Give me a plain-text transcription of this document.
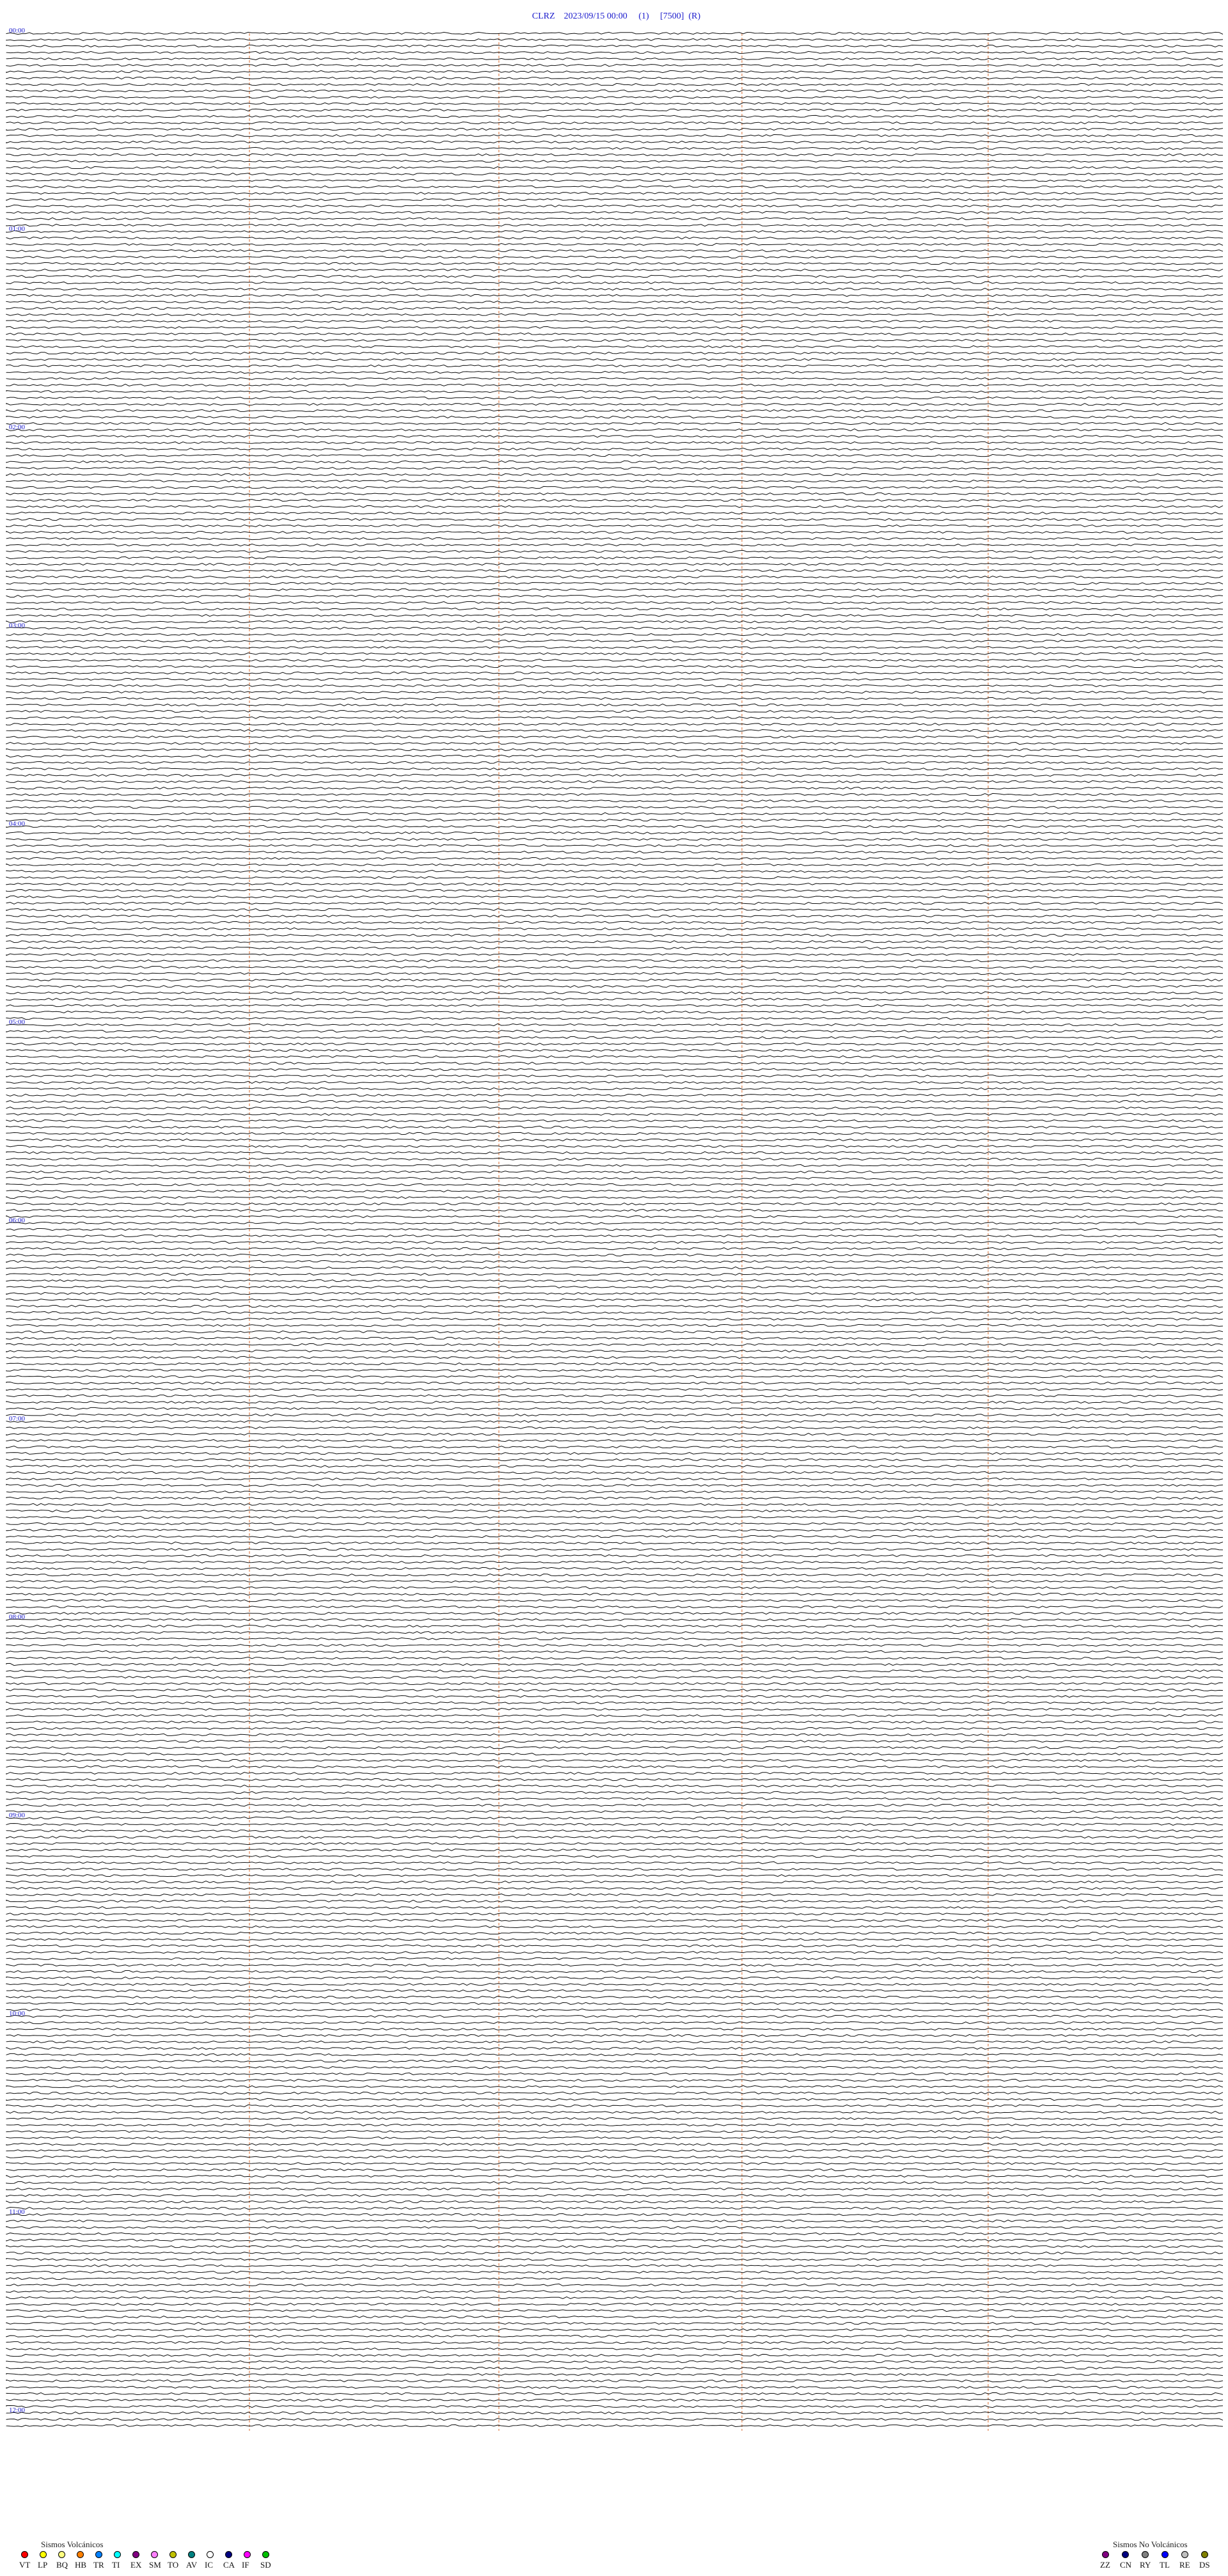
CLRZ 2023/09/15 00:00 (1) [7500] (R)

00:00
01:00
02:00
03:00
04:00
05:00
06:00
07:00
08:00
09:00
10:00
11:00
12:00
Sismos Volcánicos
VT LP BQ HB TR TI EX SM TO AV IC CA IF SD
Sismos No Volcánicos
ZZ CN RY TL RE DS
